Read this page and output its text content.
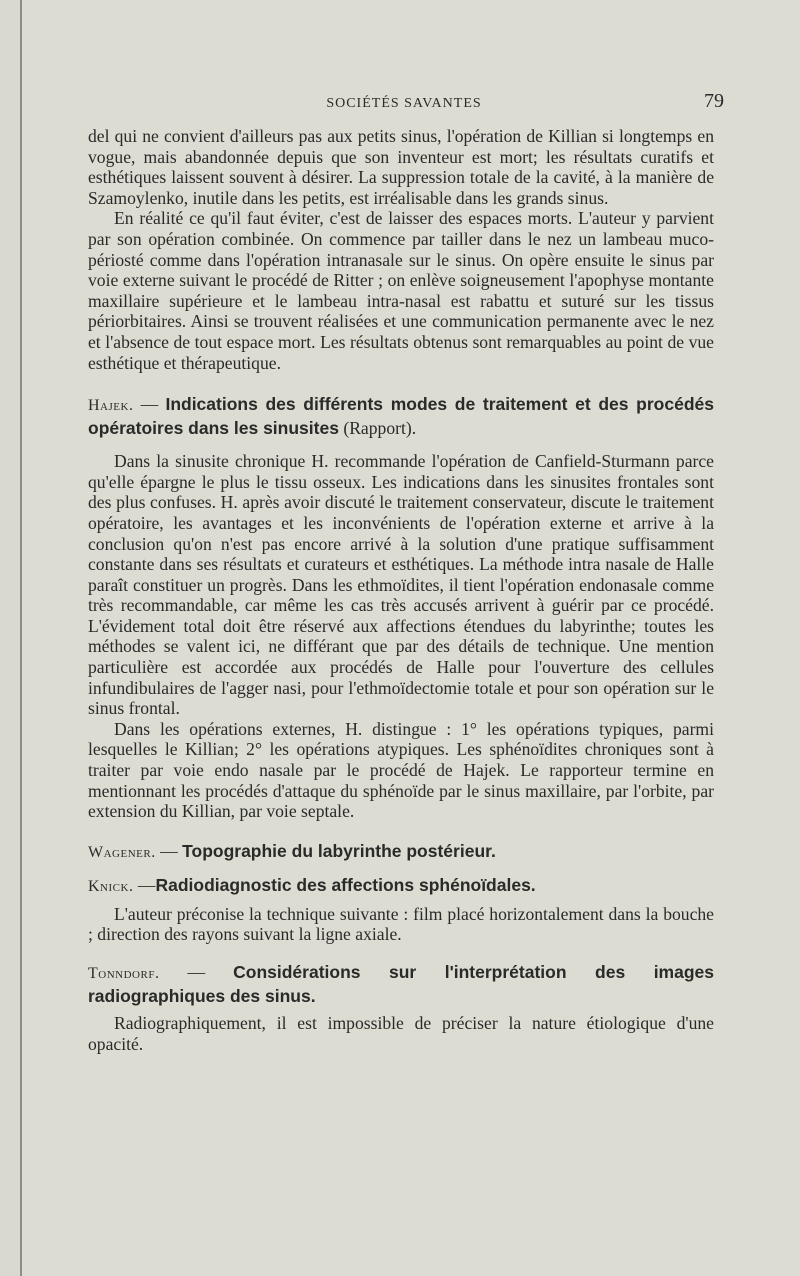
SOCIÉTÉS SAVANTES	79

del qui ne convient d'ailleurs pas aux petits sinus, l'opération de Killian si longtemps en vogue, mais abandonnée depuis que son inventeur est mort; les résultats curatifs et esthétiques laissent souvent à désirer. La suppression totale de la cavité, à la manière de Szamoylenko, inutile dans les petits, est irréalisable dans les grands sinus.

En réalité ce qu'il faut éviter, c'est de laisser des espaces morts. L'auteur y parvient par son opération combinée. On commence par tailler dans le nez un lambeau muco-périosté comme dans l'opération intranasale sur le sinus. On opère ensuite le sinus par voie externe suivant le procédé de Ritter ; on enlève soigneusement l'apophyse montante maxillaire supérieure et le lambeau intra-nasal est rabattu et suturé sur les tissus périorbitaires. Ainsi se trouvent réalisées et une communication permanente avec le nez et l'absence de tout espace mort. Les résultats obtenus sont remarquables au point de vue esthétique et thérapeutique.

Hajek. — Indications des différents modes de traitement et des procédés opératoires dans les sinusites (Rapport).

Dans la sinusite chronique H. recommande l'opération de Canfield-Sturmann parce qu'elle épargne le plus le tissu osseux. Les indications dans les sinusites frontales sont des plus confuses. H. après avoir discuté le traitement conservateur, discute le traitement opératoire, les avantages et les inconvénients de l'opération externe et arrive à la conclusion qu'on n'est pas encore arrivé à la solution d'une pratique suffisamment constante dans ses résultats et curateurs et esthétiques. La méthode intra nasale de Halle paraît constituer un progrès. Dans les ethmoïdites, il tient l'opération endonasale comme très recommandable, car même les cas très accusés arrivent à guérir par ce procédé. L'évidement total doit être réservé aux affections étendues du labyrinthe; toutes les méthodes se valent ici, ne différant que par des détails de technique. Une mention particulière est accordée aux procédés de Halle pour l'ouverture des cellules infundibulaires de l'agger nasi, pour l'ethmoïdectomie totale et pour son opération sur le sinus frontal.

Dans les opérations externes, H. distingue : 1° les opérations typiques, parmi lesquelles le Killian; 2° les opérations atypiques. Les sphénoïdites chroniques sont à traiter par voie endo nasale par le procédé de Hajek. Le rapporteur termine en mentionnant les procédés d'attaque du sphénoïde par le sinus maxillaire, par l'orbite, par extension du Killian, par voie septale.

Wagener. — Topographie du labyrinthe postérieur.

Knick. —Radiodiagnostic des affections sphénoïdales.

L'auteur préconise la technique suivante : film placé horizontalement dans la bouche ; direction des rayons suivant la ligne axiale.

Tonndorf. — Considérations sur l'interprétation des images radiographiques des sinus.

Radiographiquement, il est impossible de préciser la nature étiologique d'une opacité.
